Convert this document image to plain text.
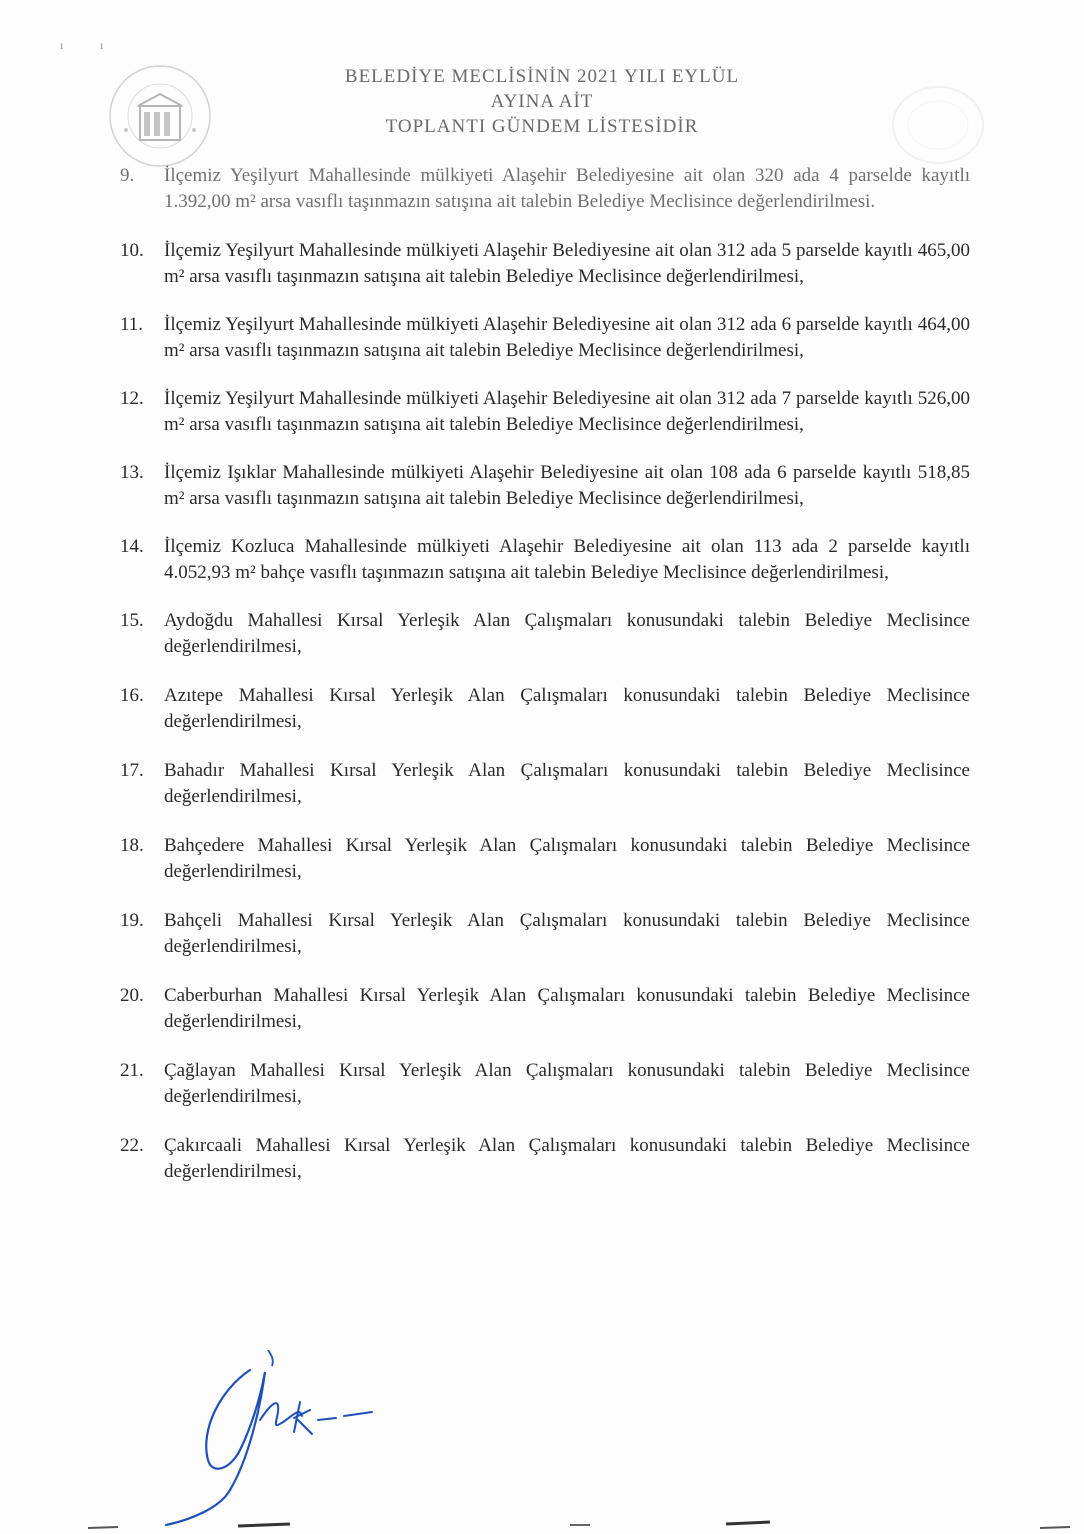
ı	ı
BELEDİYE MECLİSİNİN 2021 YILI EYLÜL
AYINA AİT
TOPLANTI GÜNDEM LİSTESİDİR
9.	İlçemiz Yeşilyurt Mahallesinde mülkiyeti Alaşehir Belediyesine ait olan 320 ada 4 parselde kayıtlı 1.392,00 m² arsa vasıflı taşınmazın satışına ait talebin Belediye Meclisince değerlendirilmesi.
10.	İlçemiz Yeşilyurt Mahallesinde mülkiyeti Alaşehir Belediyesine ait olan 312 ada 5 parselde kayıtlı 465,00 m² arsa vasıflı taşınmazın satışına ait talebin Belediye Meclisince değerlendirilmesi,
11.	İlçemiz Yeşilyurt Mahallesinde mülkiyeti Alaşehir Belediyesine ait olan 312 ada 6 parselde kayıtlı 464,00 m² arsa vasıflı taşınmazın satışına ait talebin Belediye Meclisince değerlendirilmesi,
12.	İlçemiz Yeşilyurt Mahallesinde mülkiyeti Alaşehir Belediyesine ait olan 312 ada 7 parselde kayıtlı 526,00 m² arsa vasıflı taşınmazın satışına ait talebin Belediye Meclisince değerlendirilmesi,
13.	İlçemiz Işıklar Mahallesinde mülkiyeti Alaşehir Belediyesine ait olan 108 ada 6 parselde kayıtlı 518,85 m² arsa vasıflı taşınmazın satışına ait talebin Belediye Meclisince değerlendirilmesi,
14.	İlçemiz Kozluca Mahallesinde mülkiyeti Alaşehir Belediyesine ait olan 113 ada 2 parselde kayıtlı 4.052,93 m² bahçe vasıflı taşınmazın satışına ait talebin Belediye Meclisince değerlendirilmesi,
15.	Aydoğdu Mahallesi Kırsal Yerleşik Alan Çalışmaları konusundaki talebin Belediye Meclisince değerlendirilmesi,
16.	Azıtepe Mahallesi Kırsal Yerleşik Alan Çalışmaları konusundaki talebin Belediye Meclisince değerlendirilmesi,
17.	Bahadır Mahallesi Kırsal Yerleşik Alan Çalışmaları konusundaki talebin Belediye Meclisince değerlendirilmesi,
18.	Bahçedere Mahallesi Kırsal Yerleşik Alan Çalışmaları konusundaki talebin Belediye Meclisince değerlendirilmesi,
19.	Bahçeli Mahallesi Kırsal Yerleşik Alan Çalışmaları konusundaki talebin Belediye Meclisince değerlendirilmesi,
20.	Caberburhan Mahallesi Kırsal Yerleşik Alan Çalışmaları konusundaki talebin Belediye Meclisince değerlendirilmesi,
21.	Çağlayan Mahallesi Kırsal Yerleşik Alan Çalışmaları konusundaki talebin Belediye Meclisince değerlendirilmesi,
22.	Çakırcaali Mahallesi Kırsal Yerleşik Alan Çalışmaları konusundaki talebin Belediye Meclisince değerlendirilmesi,
